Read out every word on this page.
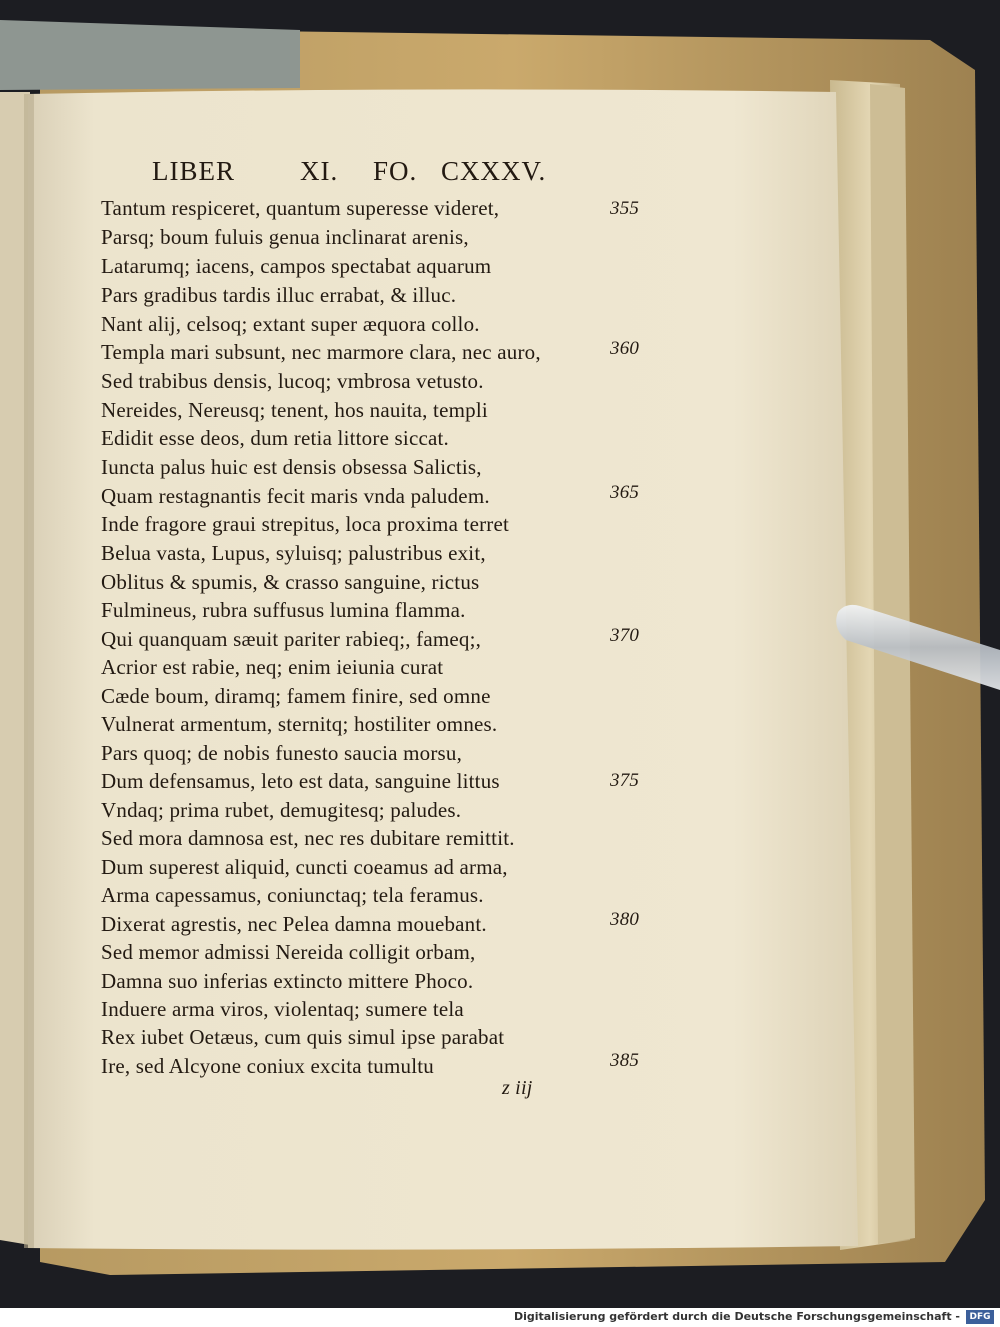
LIBER XI. FO. CXXXV.
Tantum respiceret, quantum superesse videret,
Parsq; boum fuluis genua inclinarat arenis,
Latarumq; iacens, campos spectabat aquarum
Pars gradibus tardis illuc errabat, & illuc.
Nant alij, celsoq; extant super æquora collo.
Templa mari subsunt, nec marmore clara, nec auro,
Sed trabibus densis, lucoq; vmbrosa vetusto.
Nereides, Nereusq; tenent, hos nauita, templi
Edidit esse deos, dum retia littore siccat.
Iuncta palus huic est densis obsessa Salictis,
Quam restagnantis fecit maris vnda paludem.
Inde fragore graui strepitus, loca proxima terret
Belua vasta, Lupus, syluisq; palustribus exit,
Oblitus & spumis, & crasso sanguine, rictus
Fulmineus, rubra suffusus lumina flamma.
Qui quanquam sæuit pariter rabieq;, fameq;,
Acrior est rabie, neq; enim ieiunia curat
Cæde boum, diramq; famem finire, sed omne
Vulnerat armentum, sternitq; hostiliter omnes.
Pars quoq; de nobis funesto saucia morsu,
Dum defensamus, leto est data, sanguine littus
Vndaq; prima rubet, demugitesq; paludes.
Sed mora damnosa est, nec res dubitare remittit.
Dum superest aliquid, cuncti coeamus ad arma,
Arma capessamus, coniunctaq; tela feramus.
Dixerat agrestis, nec Pelea damna mouebant.
Sed memor admissi Nereida colligit orbam,
Damna suo inferias extincto mittere Phoco.
Induere arma viros, violentaq; sumere tela
Rex iubet Oetæus, cum quis simul ipse parabat
Ire, sed Alcyone coniux excita tumultu
355
360
365
370
375
380
385
z iij
Digitalisierung gefördert durch die Deutsche Forschungsgemeinschaft -	DFG
